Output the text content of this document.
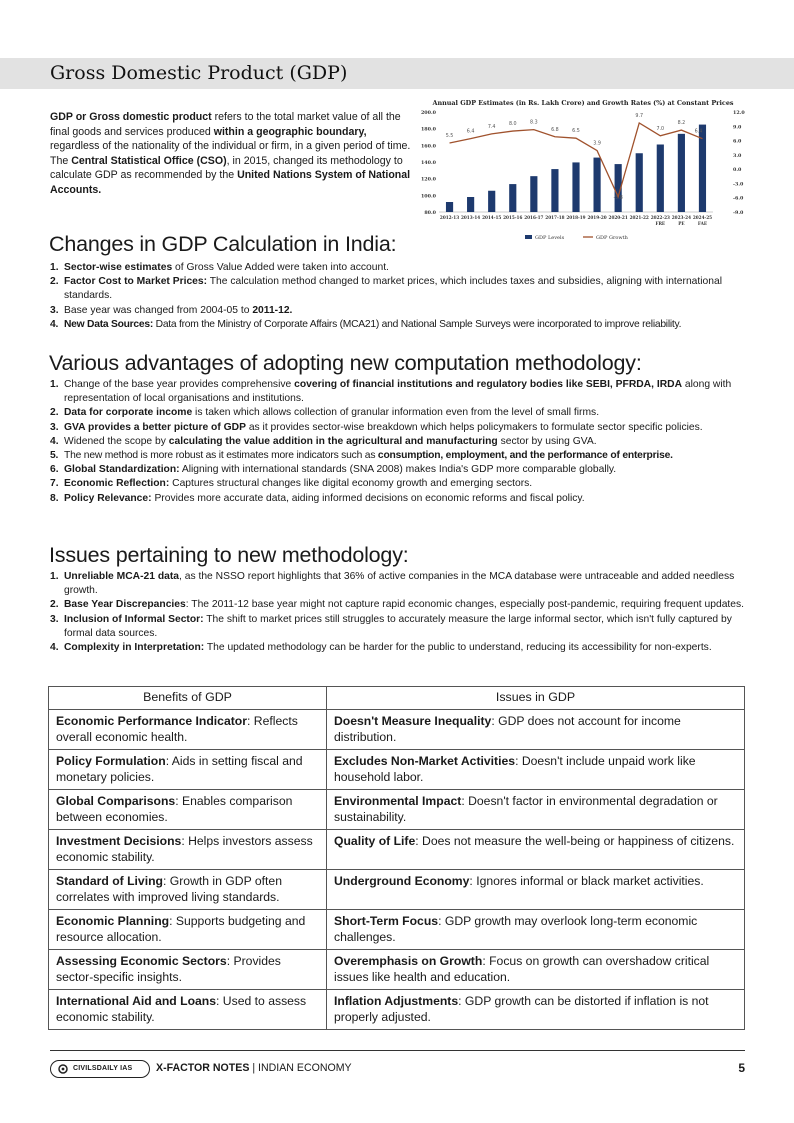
Gross Domestic Product (GDP)

GDP or Gross domestic product refers to the total market value of all the final goods and services produced within a geographic boundary, regardless of the nationality of the individual or firm, in a given period of time.

The Central Statistical Office (CSO), in 2015, changed its methodology to calculate GDP as recommended by the United Nations System of National Accounts.

Annual GDP Estimates (in Rs. Lakh Crore) and Growth Rates (%) at Constant Prices
80.0
100.0
120.0
140.0
160.0
180.0
200.0
-9.0
-6.0
-3.0
0.0
3.0
6.0
9.0
12.0
2012-13 2013-14 2014-15 2015-16 2016-17 2017-18 2018-19 2019-20 2020-21 2021-22 2022-23
FRE
2023-24
PE
2024-25
FAE
5.5
6.4
7.4
8.0	8.3
6.8	6.5
3.9
-5.8
9.7
7.0
8.2
6.4
GDP Levels	GDP Growth
Changes in GDP Calculation in India:
1. Sector-wise estimates of Gross Value Added were taken into account.
2. Factor Cost to Market Prices: The calculation method changed to market prices, which includes taxes and subsidies, aligning with international standards.
3. Base year was changed from 2004-05 to 2011-12.
4. New Data Sources: Data from the Ministry of Corporate Affairs (MCA21) and National Sample Surveys were incorporated to improve reliability.
Various advantages of adopting new computation methodology:
1. Change of the base year provides comprehensive covering of financial institutions and regulatory bodies like SEBI, PFRDA, IRDA along with representation of local organisations and institutions.
2. Data for corporate income is taken which allows collection of granular information even from the level of small firms.
3. GVA provides a better picture of GDP as it provides sector-wise breakdown which helps policymakers to formulate sector specific policies.
4. Widened the scope by calculating the value addition in the agricultural and manufacturing sector by using GVA.
5. The new method is more robust as it estimates more indicators such as consumption, employment, and the performance of enterprise.
6. Global Standardization: Aligning with international standards (SNA 2008) makes India's GDP more comparable globally.
7. Economic Reflection: Captures structural changes like digital economy growth and emerging sectors.
8. Policy Relevance: Provides more accurate data, aiding informed decisions on economic reforms and fiscal policy.
Issues pertaining to new methodology:
1. Unreliable MCA-21 data, as the NSSO report highlights that 36% of active companies in the MCA database were untraceable and added needless growth.
2. Base Year Discrepancies: The 2011-12 base year might not capture rapid economic changes, especially post-pandemic, requiring frequent updates.
3. Inclusion of Informal Sector: The shift to market prices still struggles to accurately measure the large informal sector, which isn't fully captured by formal data sources.
4. Complexity in Interpretation: The updated methodology can be harder for the public to understand, reducing its accessibility for non-experts.
Benefits of GDP	Issues in GDP
Economic Performance Indicator: Reflects overall economic health.	Doesn't Measure Inequality: GDP does not account for income distribution.
Policy Formulation: Aids in setting fiscal and monetary policies.	Excludes Non-Market Activities: Doesn't include unpaid work like household labor.
Global Comparisons: Enables comparison between economies.	Environmental Impact: Doesn't factor in environmental degradation or sustainability.
Investment Decisions: Helps investors assess economic stability.	Quality of Life: Does not measure the well-being or happiness of citizens.
Standard of Living: Growth in GDP often correlates with improved living standards.	Underground Economy: Ignores informal or black market activities.
Economic Planning: Supports budgeting and resource allocation.	Short-Term Focus: GDP growth may overlook long-term economic challenges.
Assessing Economic Sectors: Provides sector-specific insights.	Overemphasis on Growth: Focus on growth can overshadow critical issues like health and education.
International Aid and Loans: Used to assess economic stability.	Inflation Adjustments: GDP growth can be distorted if inflation is not properly adjusted.
CIVILSDAILY IAS X-FACTOR NOTES | INDIAN ECONOMY	5
